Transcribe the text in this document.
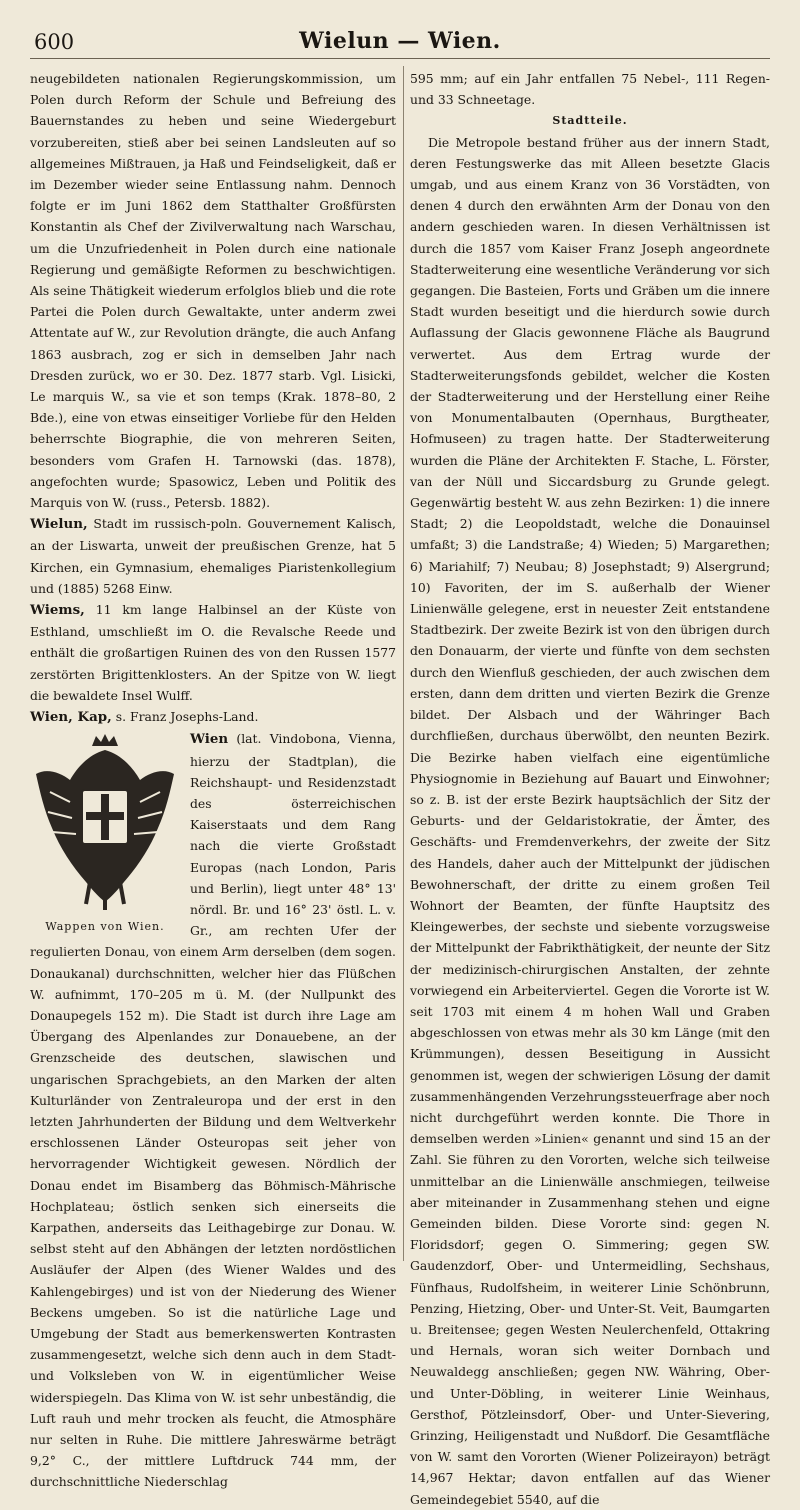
600	Wielun — Wien.

neugebildeten nationalen Regierungskommission, um Polen durch Reform der Schule und Befreiung des Bauernstandes zu heben und seine Wiedergeburt vorzubereiten, stieß aber bei seinen Landsleuten auf so allgemeines Mißtrauen, ja Haß und Feindseligkeit, daß er im Dezember wieder seine Entlassung nahm. Dennoch folgte er im Juni 1862 dem Statthalter Großfürsten Konstantin als Chef der Zivilverwaltung nach Warschau, um die Unzufriedenheit in Polen durch eine nationale Regierung und gemäßigte Reformen zu beschwichtigen. Als seine Thätigkeit wiederum erfolglos blieb und die rote Partei die Polen durch Gewaltakte, unter anderm zwei Attentate auf W., zur Revolution drängte, die auch Anfang 1863 ausbrach, zog er sich in demselben Jahr nach Dresden zurück, wo er 30. Dez. 1877 starb. Vgl. Lisicki, Le marquis W., sa vie et son temps (Krak. 1878–80, 2 Bde.), eine von etwas einseitiger Vorliebe für den Helden beherrschte Biographie, die von mehreren Seiten, besonders vom Grafen H. Tarnowski (das. 1878), angefochten wurde; Spasowicz, Leben und Politik des Marquis von W. (russ., Petersb. 1882).

Wielun, Stadt im russisch-poln. Gouvernement Kalisch, an der Liswarta, unweit der preußischen Grenze, hat 5 Kirchen, ein Gymnasium, ehemaliges Piaristenkollegium und (1885) 5268 Einw.

Wiems, 11 km lange Halbinsel an der Küste von Esthland, umschließt im O. die Revalsche Reede und enthält die großartigen Ruinen des von den Russen 1577 zerstörten Brigittenklosters. An der Spitze von W. liegt die bewaldete Insel Wulff.

Wien, Kap, s. Franz Josephs-Land.

Wappen von Wien.

Wien (lat. Vindobona, Vienna, hierzu der Stadtplan), die Reichshaupt- und Residenzstadt des österreichischen Kaiserstaats und dem Rang nach die vierte Großstadt Europas (nach London, Paris und Berlin), liegt unter 48° 13' nördl. Br. und 16° 23' östl. L. v. Gr., am rechten Ufer der regulierten Donau, von einem Arm derselben (dem sogen. Donaukanal) durchschnitten, welcher hier das Flüßchen W. aufnimmt, 170–205 m ü. M. (der Nullpunkt des Donaupegels 152 m). Die Stadt ist durch ihre Lage am Übergang des Alpenlandes zur Donauebene, an der Grenzscheide des deutschen, slawischen und ungarischen Sprachgebiets, an den Marken der alten Kulturländer von Zentraleuropa und der erst in den letzten Jahrhunderten der Bildung und dem Weltverkehr erschlossenen Länder Osteuropas seit jeher von hervorragender Wichtigkeit gewesen. Nördlich der Donau endet im Bisamberg das Böhmisch-Mährische Hochplateau; östlich senken sich einerseits die Karpathen, anderseits das Leithagebirge zur Donau. W. selbst steht auf den Abhängen der letzten nordöstlichen Ausläufer der Alpen (des Wiener Waldes und des Kahlengebirges) und ist von der Niederung des Wiener Beckens umgeben. So ist die natürliche Lage und Umgebung der Stadt aus bemerkenswerten Kontrasten zusammengesetzt, welche sich denn auch in dem Stadt- und Volksleben von W. in eigentümlicher Weise widerspiegeln. Das Klima von W. ist sehr unbeständig, die Luft rauh und mehr trocken als feucht, die Atmosphäre nur selten in Ruhe. Die mittlere Jahreswärme beträgt 9,2° C., der mittlere Luftdruck 744 mm, der durchschnittliche Niederschlag

595 mm; auf ein Jahr entfallen 75 Nebel-, 111 Regen- und 33 Schneetage.

Stadtteile.

Die Metropole bestand früher aus der innern Stadt, deren Festungswerke das mit Alleen besetzte Glacis umgab, und aus einem Kranz von 36 Vorstädten, von denen 4 durch den erwähnten Arm der Donau von den andern geschieden waren. In diesen Verhältnissen ist durch die 1857 vom Kaiser Franz Joseph angeordnete Stadterweiterung eine wesentliche Veränderung vor sich gegangen. Die Basteien, Forts und Gräben um die innere Stadt wurden beseitigt und die hierdurch sowie durch Auflassung der Glacis gewonnene Fläche als Baugrund verwertet. Aus dem Ertrag wurde der Stadterweiterungsfonds gebildet, welcher die Kosten der Stadterweiterung und der Herstellung einer Reihe von Monumentalbauten (Opernhaus, Burgtheater, Hofmuseen) zu tragen hatte. Der Stadterweiterung wurden die Pläne der Architekten F. Stache, L. Förster, van der Nüll und Siccardsburg zu Grunde gelegt. Gegenwärtig besteht W. aus zehn Bezirken: 1) die innere Stadt; 2) die Leopoldstadt, welche die Donauinsel umfaßt; 3) die Landstraße; 4) Wieden; 5) Margarethen; 6) Mariahilf; 7) Neubau; 8) Josephstadt; 9) Alsergrund; 10) Favoriten, der im S. außerhalb der Wiener Linienwälle gelegene, erst in neuester Zeit entstandene Stadtbezirk. Der zweite Bezirk ist von den übrigen durch den Donauarm, der vierte und fünfte von dem sechsten durch den Wienfluß geschieden, der auch zwischen dem ersten, dann dem dritten und vierten Bezirk die Grenze bildet. Der Alsbach und der Währinger Bach durchfließen, durchaus überwölbt, den neunten Bezirk. Die Bezirke haben vielfach eine eigentümliche Physiognomie in Beziehung auf Bauart und Einwohner; so z. B. ist der erste Bezirk hauptsächlich der Sitz der Geburts- und der Geldaristokratie, der Ämter, des Geschäfts- und Fremdenverkehrs, der zweite der Sitz des Handels, daher auch der Mittelpunkt der jüdischen Bewohnerschaft, der dritte zu einem großen Teil Wohnort der Beamten, der fünfte Hauptsitz des Kleingewerbes, der sechste und siebente vorzugsweise der Mittelpunkt der Fabrikthätigkeit, der neunte der Sitz der medizinisch-chirurgischen Anstalten, der zehnte vorwiegend ein Arbeiterviertel. Gegen die Vororte ist W. seit 1703 mit einem 4 m hohen Wall und Graben abgeschlossen von etwas mehr als 30 km Länge (mit den Krümmungen), dessen Beseitigung in Aussicht genommen ist, wegen der schwierigen Lösung der damit zusammenhängenden Verzehrungssteuerfrage aber noch nicht durchgeführt werden konnte. Die Thore in demselben werden »Linien« genannt und sind 15 an der Zahl. Sie führen zu den Vororten, welche sich teilweise unmittelbar an die Linienwälle anschmiegen, teilweise aber miteinander in Zusammenhang stehen und eigne Gemeinden bilden. Diese Vororte sind: gegen N. Floridsdorf; gegen O. Simmering; gegen SW. Gaudenzdorf, Ober- und Untermeidling, Sechshaus, Fünfhaus, Rudolfsheim, in weiterer Linie Schönbrunn, Penzing, Hietzing, Ober- und Unter-St. Veit, Baumgarten u. Breitensee; gegen Westen Neulerchenfeld, Ottakring und Hernals, woran sich weiter Dornbach und Neuwaldegg anschließen; gegen NW. Währing, Ober- und Unter-Döbling, in weiterer Linie Weinhaus, Gersthof, Pötzleinsdorf, Ober- und Unter-Sievering, Grinzing, Heiligenstadt und Nußdorf. Die Gesamtfläche von W. samt den Vororten (Wiener Polizeirayon) beträgt 14,967 Hektar; davon entfallen auf das Wiener Gemeindegebiet 5540, auf die
